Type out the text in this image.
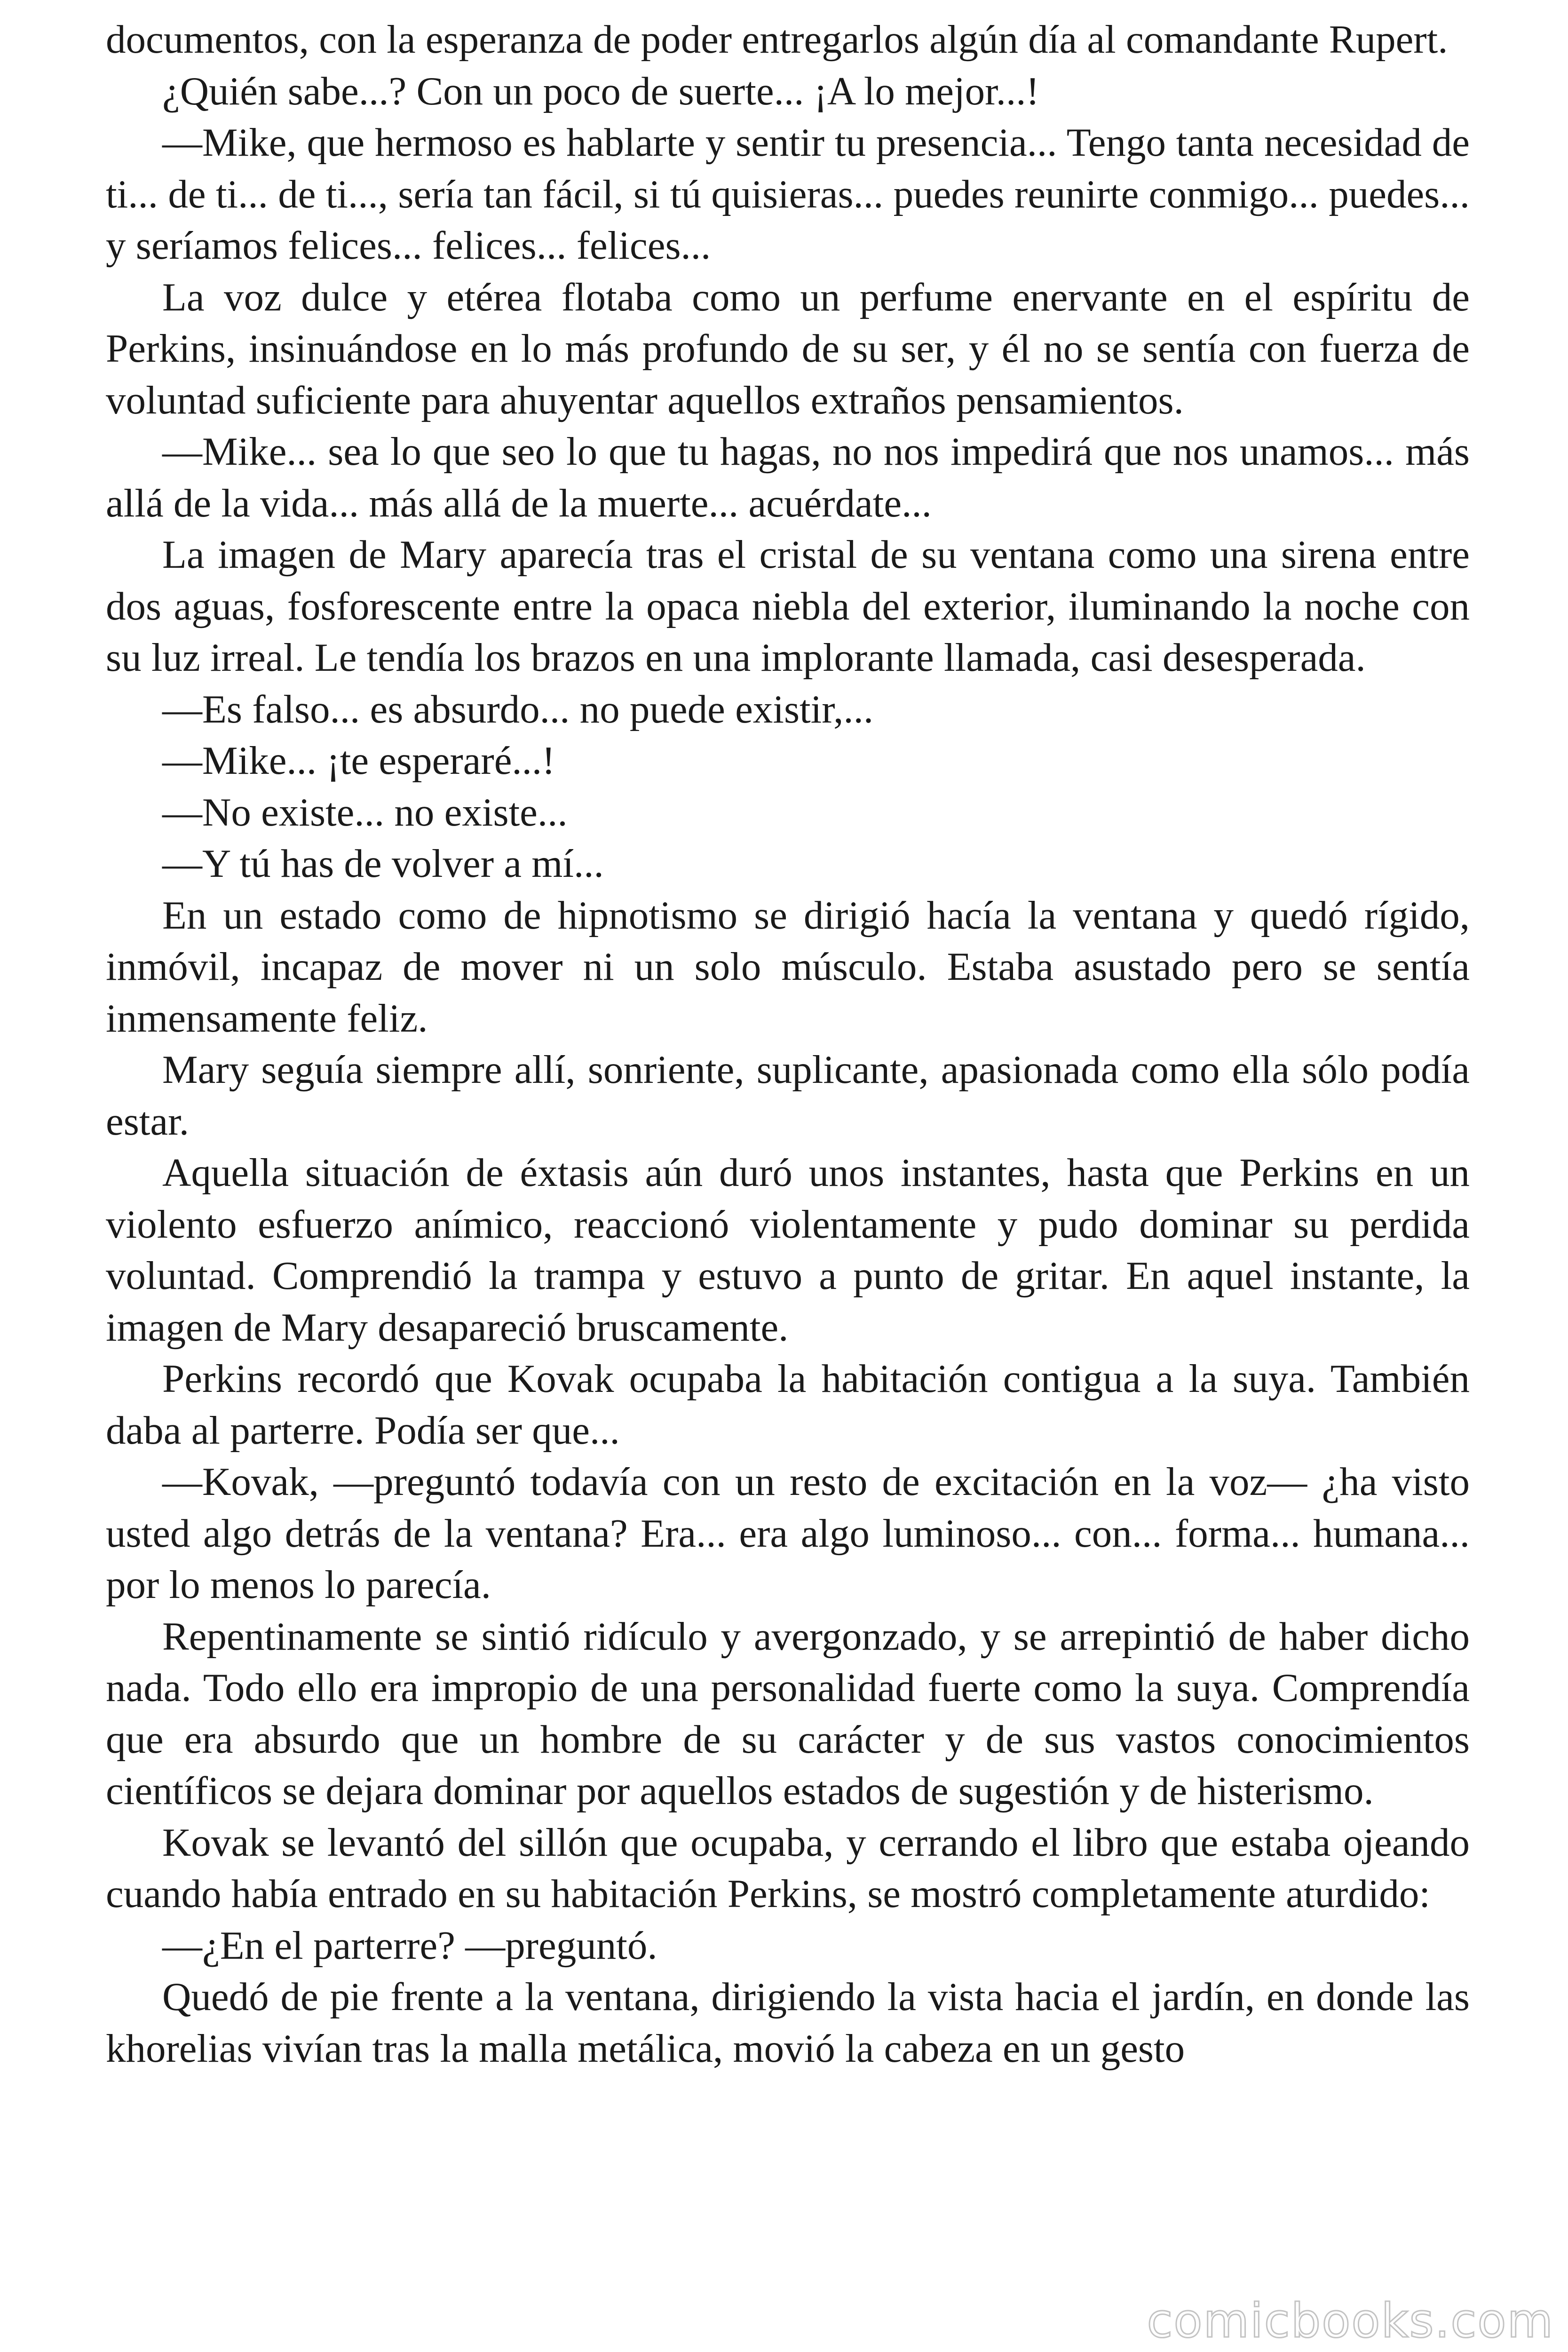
documentos, con la esperanza de poder entregarlos algún día al comandante Rupert.

¿Quién sabe...? Con un poco de suerte... ¡A lo mejor...!

—Mike, que hermoso es hablarte y sentir tu presencia... Tengo tanta necesidad de ti... de ti... de ti..., sería tan fácil, si tú quisieras... puedes reunirte conmigo... puedes... y seríamos felices... felices... felices...

La voz dulce y etérea flotaba como un perfume enervante en el espíritu de Perkins, insinuándose en lo más profundo de su ser, y él no se sentía con fuerza de voluntad suficiente para ahuyentar aquellos extraños pensamientos.

—Mike... sea lo que seo lo que tu hagas, no nos impedirá que nos unamos... más allá de la vida... más allá de la muerte... acuérdate...

La imagen de Mary aparecía tras el cristal de su ventana como una sirena entre dos aguas, fosforescente entre la opaca niebla del exterior, iluminando la noche con su luz irreal. Le tendía los brazos en una implorante llamada, casi desesperada.

—Es falso... es absurdo... no puede existir,...

—Mike... ¡te esperaré...!

—No existe... no existe...

—Y tú has de volver a mí...

En un estado como de hipnotismo se dirigió hacía la ventana y quedó rígido, inmóvil, incapaz de mover ni un solo músculo. Estaba asustado pero se sentía inmensamente feliz.

Mary seguía siempre allí, sonriente, suplicante, apasionada como ella sólo podía estar.

Aquella situación de éxtasis aún duró unos instantes, hasta que Perkins en un violento esfuerzo anímico, reaccionó violentamente y pudo dominar su perdida voluntad. Comprendió la trampa y estuvo a punto de gritar. En aquel instante, la imagen de Mary desapareció bruscamente.

Perkins recordó que Kovak ocupaba la habitación contigua a la suya. También daba al parterre. Podía ser que...

—Kovak, —preguntó todavía con un resto de excitación en la voz— ¿ha visto usted algo detrás de la ventana? Era... era algo luminoso... con... forma... humana... por lo menos lo parecía.

Repentinamente se sintió ridículo y avergonzado, y se arrepintió de haber dicho nada. Todo ello era impropio de una personalidad fuerte como la suya. Comprendía que era absurdo que un hombre de su carácter y de sus vastos conocimientos científicos se dejara dominar por aquellos estados de sugestión y de histerismo.

Kovak se levantó del sillón que ocupaba, y cerrando el libro que estaba ojeando cuando había entrado en su habitación Perkins, se mostró completamente aturdido:

—¿En el parterre? —preguntó.

Quedó de pie frente a la ventana, dirigiendo la vista hacia el jardín, en donde las khorelias vivían tras la malla metálica, movió la cabeza en un gesto

comicbooks.com
